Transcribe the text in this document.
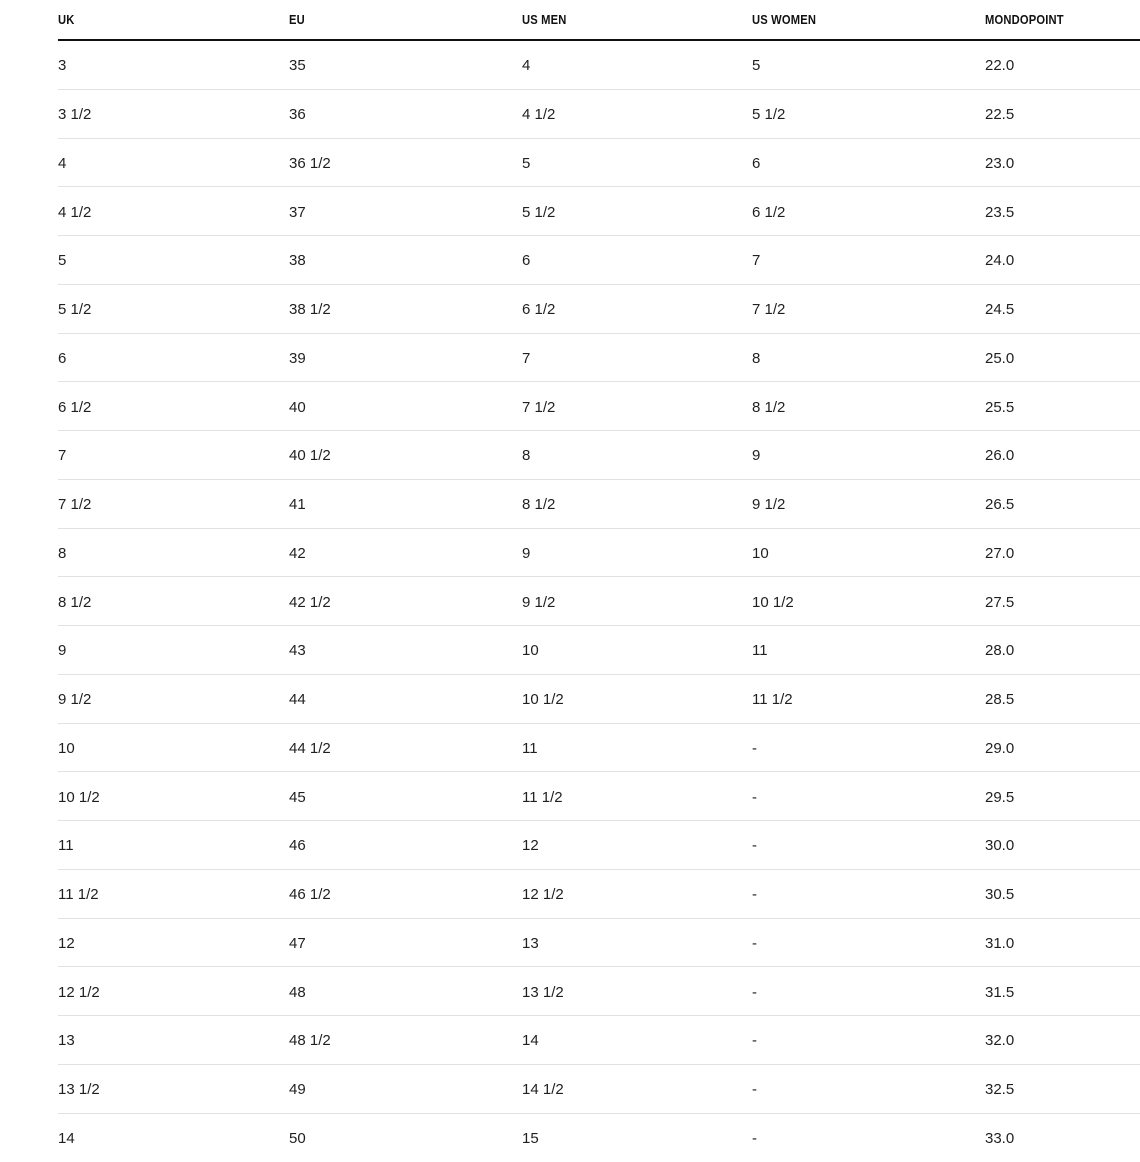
UK	EU	US MEN	US WOMEN	MONDOPOINT
3	35	4	5	22.0
3 1/2	36	4 1/2	5 1/2	22.5
4	36 1/2	5	6	23.0
4 1/2	37	5 1/2	6 1/2	23.5
5	38	6	7	24.0
5 1/2	38 1/2	6 1/2	7 1/2	24.5
6	39	7	8	25.0
6 1/2	40	7 1/2	8 1/2	25.5
7	40 1/2	8	9	26.0
7 1/2	41	8 1/2	9 1/2	26.5
8	42	9	10	27.0
8 1/2	42 1/2	9 1/2	10 1/2	27.5
9	43	10	11	28.0
9 1/2	44	10 1/2	11 1/2	28.5
10	44 1/2	11	-	29.0
10 1/2	45	11 1/2	-	29.5
11	46	12	-	30.0
11 1/2	46 1/2	12 1/2	-	30.5
12	47	13	-	31.0
12 1/2	48	13 1/2	-	31.5
13	48 1/2	14	-	32.0
13 1/2	49	14 1/2	-	32.5
14	50	15	-	33.0
